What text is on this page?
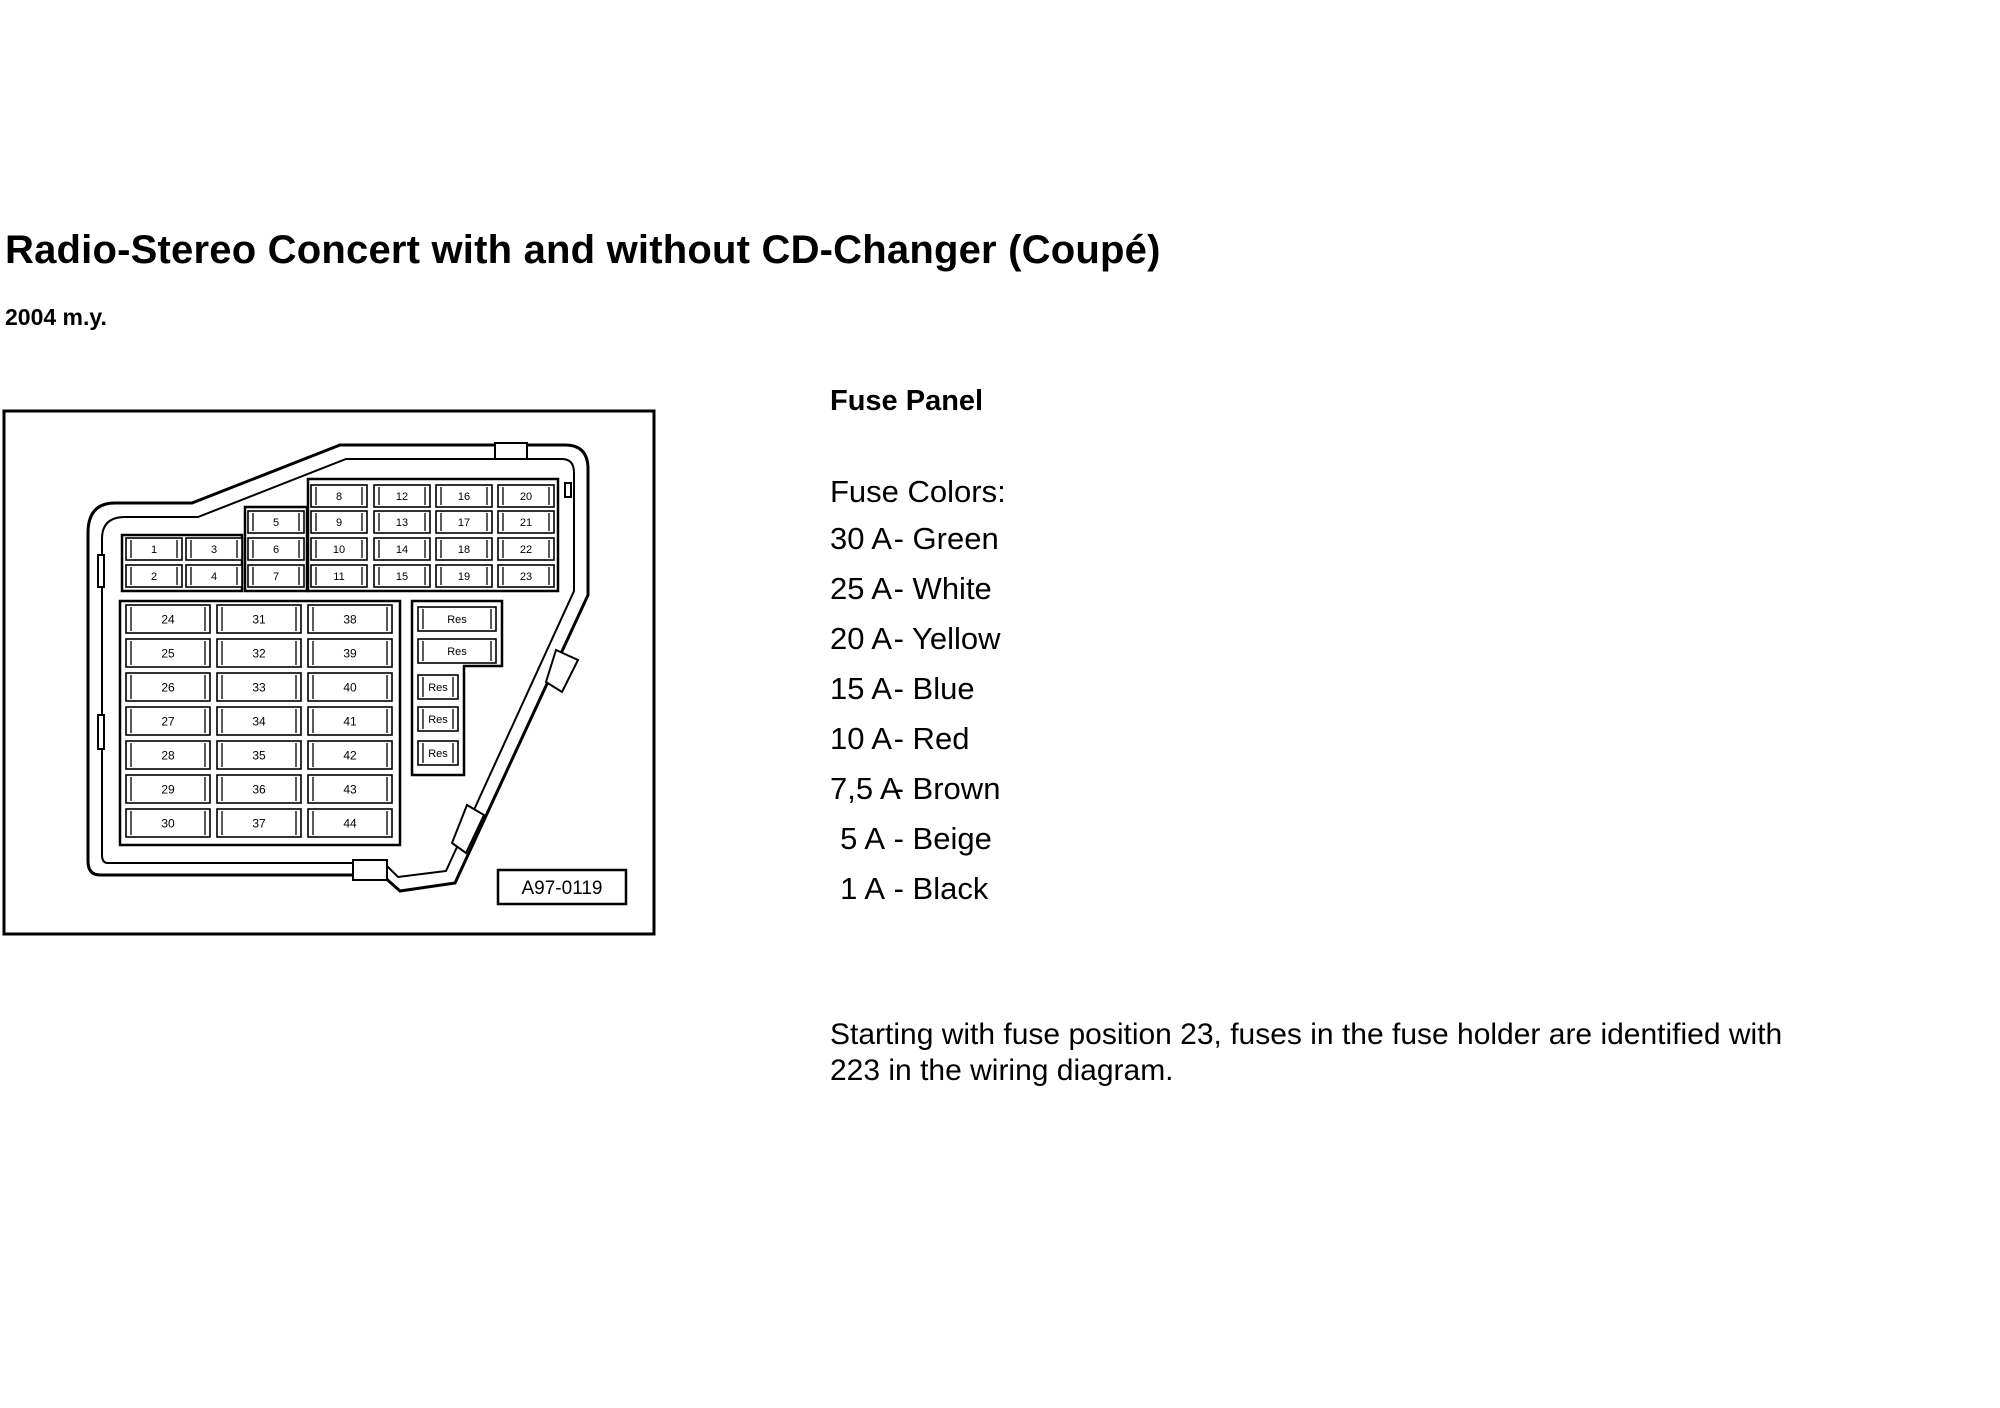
Radio-Stereo Concert with and without CD-Changer (Coupé)
2004 m.y.
1
2
3
4
5
6
7
8
9
10
11
12
13
14
15
16
17
18
19
20
21
22
23
24
25
26
27
28
29
30
31
32
33
34
35
36
37
38
39
40
41
42
43
44
Res
Res
Res
Res
Res
A97-0119
Fuse Panel
Fuse Colors:
30 A - Green
25 A - White
20 A - Yellow
15 A - Blue
10 A - Red
7,5 A - Brown
5 A - Beige
1 A - Black
Starting with fuse position 23, fuses in the fuse holder are identified with 223 in the wiring diagram.
